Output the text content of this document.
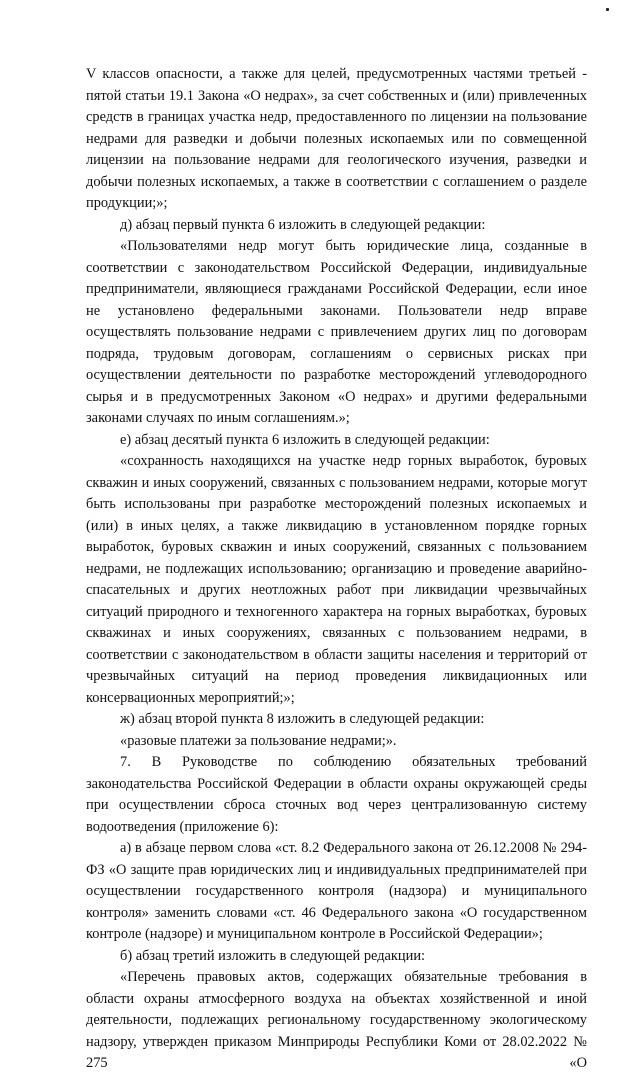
V классов опасности, а также для целей, предусмотренных частями третьей - пятой статьи 19.1 Закона «О недрах», за счет собственных и (или) привлеченных средств в границах участка недр, предоставленного по лицензии на пользование недрами для разведки и добычи полезных ископаемых или по совмещенной лицензии на пользование недрами для геологического изучения, разведки и добычи полезных ископаемых, а также в соответствии с соглашением о разделе продукции;»;

д) абзац первый пункта 6 изложить в следующей редакции:

«Пользователями недр могут быть юридические лица, созданные в соответствии с законодательством Российской Федерации, индивидуальные предприниматели, являющиеся гражданами Российской Федерации, если иное не установлено федеральными законами. Пользователи недр вправе осуществлять пользование недрами с привлечением других лиц по договорам подряда, трудовым договорам, соглашениям о сервисных рисках при осуществлении деятельности по разработке месторождений углеводородного сырья и в предусмотренных Законом «О недрах» и другими федеральными законами случаях по иным соглашениям.»;

е) абзац десятый пункта 6 изложить в следующей редакции:

«сохранность находящихся на участке недр горных выработок, буровых скважин и иных сооружений, связанных с пользованием недрами, которые могут быть использованы при разработке месторождений полезных ископаемых и (или) в иных целях, а также ликвидацию в установленном порядке горных выработок, буровых скважин и иных сооружений, связанных с пользованием недрами, не подлежащих использованию; организацию и проведение аварийно-спасательных и других неотложных работ при ликвидации чрезвычайных ситуаций природного и техногенного характера на горных выработках, буровых скважинах и иных сооружениях, связанных с пользованием недрами, в соответствии с законодательством в области защиты населения и территорий от чрезвычайных ситуаций на период проведения ликвидационных или консервационных мероприятий;»;

ж) абзац второй пункта 8 изложить в следующей редакции:

«разовые платежи за пользование недрами;».

7. В Руководстве по соблюдению обязательных требований законодательства Российской Федерации в области охраны окружающей среды при осуществлении сброса сточных вод через централизованную систему водоотведения (приложение 6):

а) в абзаце первом слова «ст. 8.2 Федерального закона от 26.12.2008 № 294-ФЗ «О защите прав юридических лиц и индивидуальных предпринимателей при осуществлении государственного контроля (надзора) и муниципального контроля» заменить словами «ст. 46 Федерального закона «О государственном контроле (надзоре) и муниципальном контроле в Российской Федерации»;

б) абзац третий изложить в следующей редакции:

«Перечень правовых актов, содержащих обязательные требования в области охраны атмосферного воздуха на объектах хозяйственной и иной деятельности, подлежащих региональному государственному экологическому надзору, утвержден приказом Минприроды Республики Коми от 28.02.2022 № 275 «О
